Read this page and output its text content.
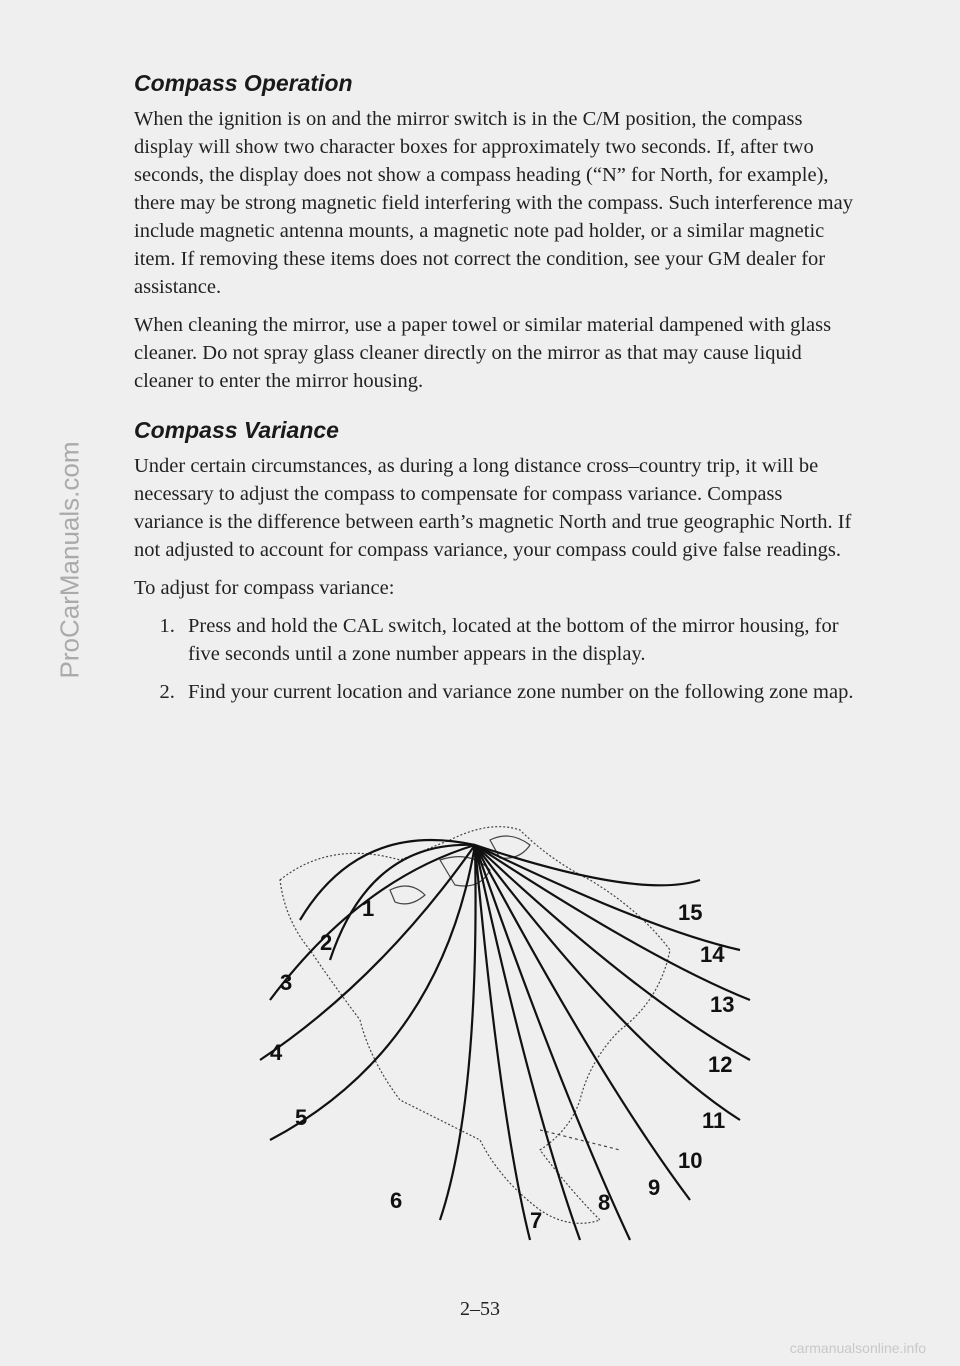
ProCarManuals.com
Compass Operation

When the ignition is on and the mirror switch is in the C/M position, the compass display will show two character boxes for approximately two seconds. If, after two seconds, the display does not show a compass heading (“N” for North, for example), there may be strong magnetic field interfering with the compass. Such interference may include magnetic antenna mounts, a magnetic note pad holder, or a similar magnetic item. If removing these items does not correct the condition, see your GM dealer for assistance.

When cleaning the mirror, use a paper towel or similar material dampened with glass cleaner. Do not spray glass cleaner directly on the mirror as that may cause liquid cleaner to enter the mirror housing.

Compass Variance

Under certain circumstances, as during a long distance cross–country trip, it will be necessary to adjust the compass to compensate for compass variance. Compass variance is the difference between earth’s magnetic North and true geographic North. If not adjusted to account for compass variance, your compass could give false readings.

To adjust for compass variance:

1. Press and hold the CAL switch, located at the bottom of the mirror housing, for five seconds until a zone number appears in the display.
2. Find your current location and variance zone number on the following zone map.
1
2
3
4
5
6
7
8
9
10
11
12
13
14
15
2–53
carmanualsonline.info
